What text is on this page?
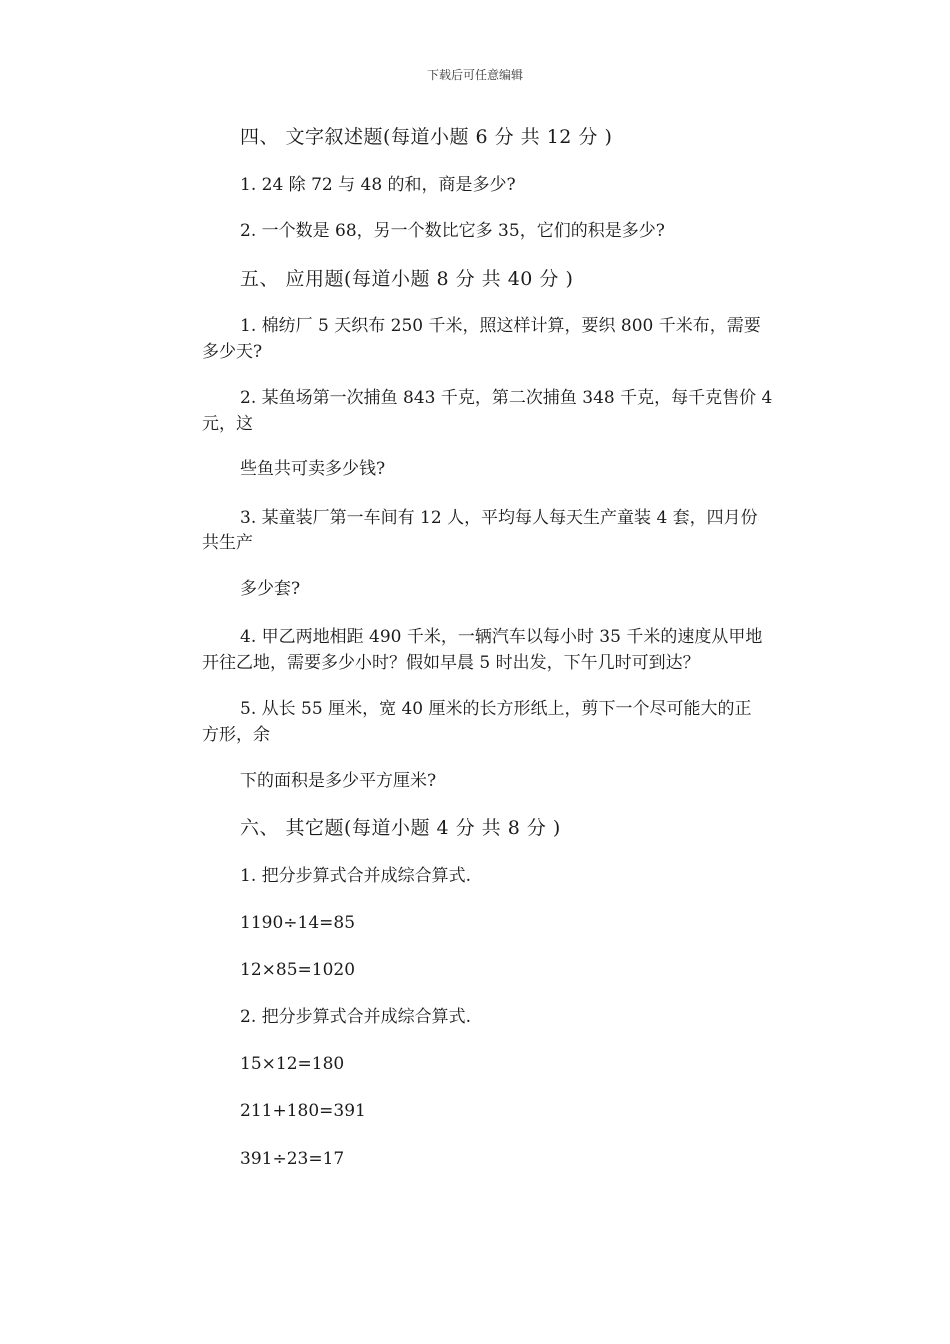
下载后可任意编辑
四、 文字叙述题(每道小题 6 分 共 12 分 )
1. 24 除 72 与 48 的和，商是多少?
2. 一个数是 68，另一个数比它多 35，它们的积是多少?
五、 应用题(每道小题 8 分 共 40 分 )
1. 棉纺厂 5 天织布 250 千米，照这样计算，要织 800 千米布，需要
多少天?
2. 某鱼场第一次捕鱼 843 千克，第二次捕鱼 348 千克，每千克售价 4
元，这
些鱼共可卖多少钱?
3. 某童装厂第一车间有 12 人，平均每人每天生产童装 4 套，四月份
共生产
多少套?
4. 甲乙两地相距 490 千米，一辆汽车以每小时 35 千米的速度从甲地
开往乙地，需要多少小时？假如早晨 5 时出发，下午几时可到达？
5. 从长 55 厘米，宽 40 厘米的长方形纸上，剪下一个尽可能大的正
方形，余
下的面积是多少平方厘米?
六、 其它题(每道小题 4 分 共 8 分 )
1. 把分步算式合并成综合算式.
1190÷14=85
12×85=1020
2. 把分步算式合并成综合算式.
15×12=180
211+180=391
391÷23=17
